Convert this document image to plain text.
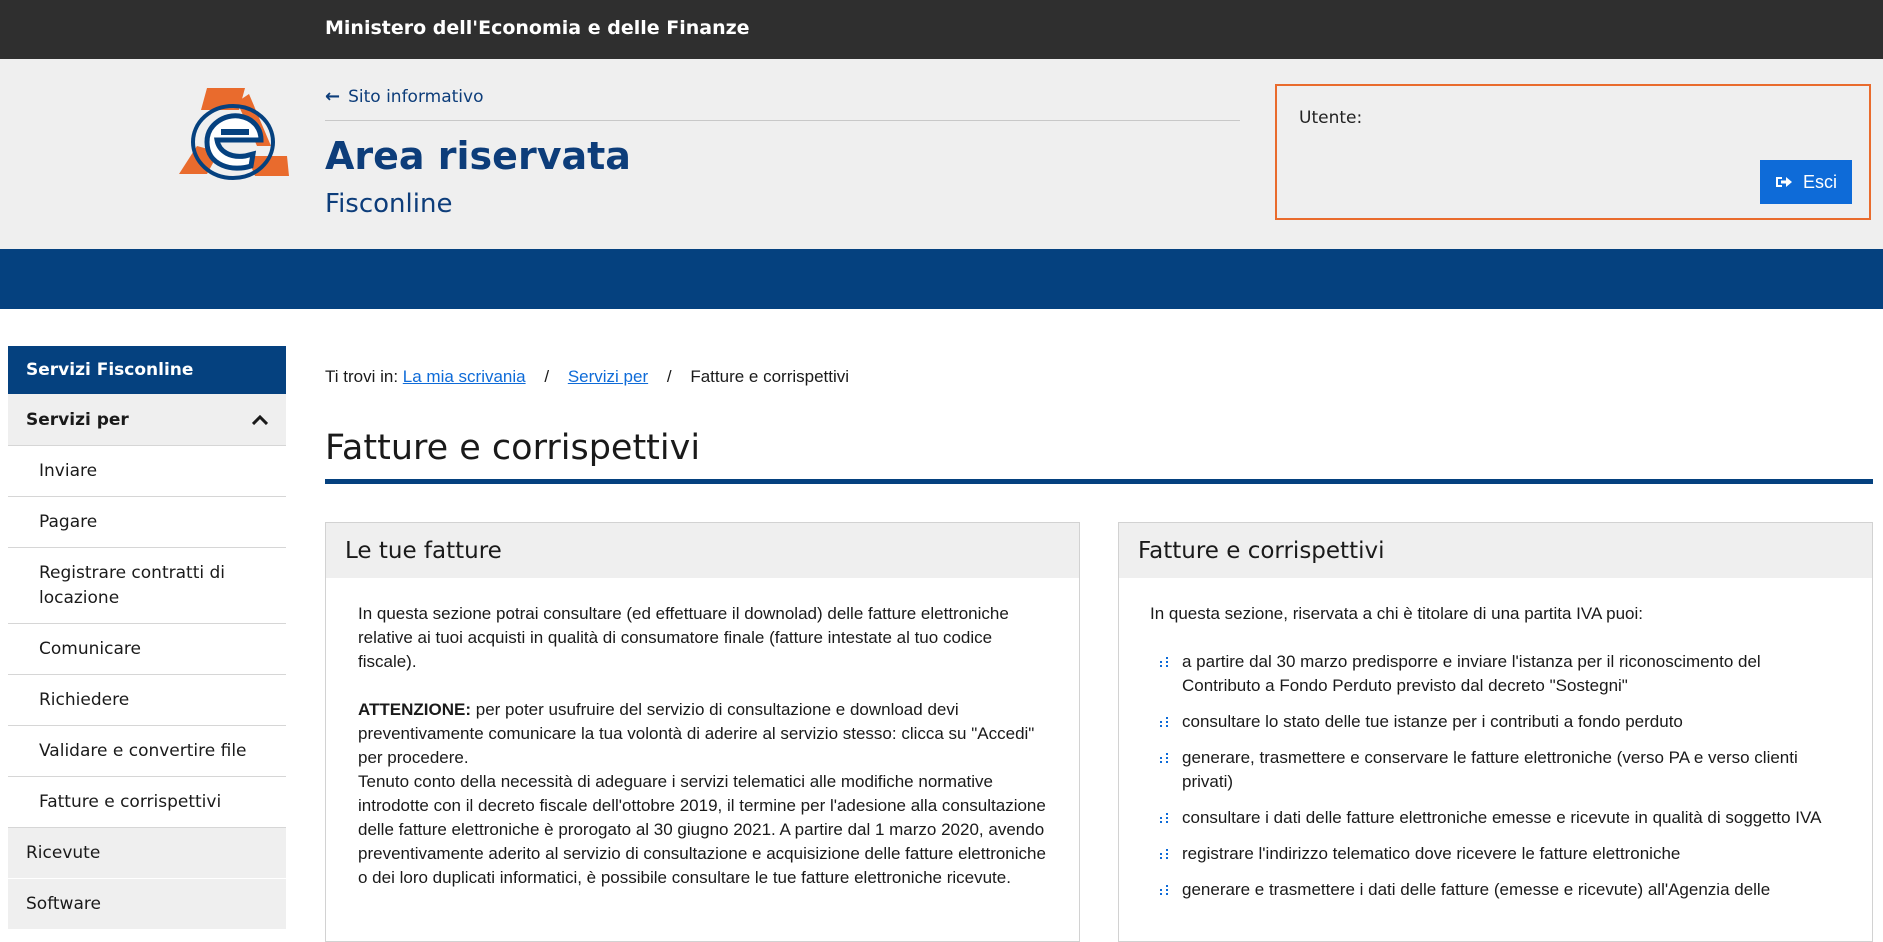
Ministero dell'Economia e delle Finanze
← Sito informativo
Area riservata
Fisconline
Utente:
Esci
Servizi Fisconline
Servizi per
Inviare
Pagare
Registrare contratti di locazione
Comunicare
Richiedere
Validare e convertire file
Fatture e corrispettivi
Ricevute
Software
Ti trovi in: La mia scrivania / Servizi per / Fatture e corrispettivi
Fatture e corrispettivi
Le tue fatture

In questa sezione potrai consultare (ed effettuare il downolad) delle fatture elettroniche relative ai tuoi acquisti in qualità di consumatore finale (fatture intestate al tuo codice fiscale).

ATTENZIONE: per poter usufruire del servizio di consultazione e download devi preventivamente comunicare la tua volontà di aderire al servizio stesso: clicca su "Accedi" per procedere.

Tenuto conto della necessità di adeguare i servizi telematici alle modifiche normative introdotte con il decreto fiscale dell'ottobre 2019, il termine per l'adesione alla consultazione delle fatture elettroniche è prorogato al 30 giugno 2021. A partire dal 1 marzo 2020, avendo preventivamente aderito al servizio di consultazione e acquisizione delle fatture elettroniche o dei loro duplicati informatici, è possibile consultare le tue fatture elettroniche ricevute.

Fatture e corrispettivi

In questa sezione, riservata a chi è titolare di una partita IVA puoi:

a partire dal 30 marzo predisporre e inviare l'istanza per il riconoscimento del Contributo a Fondo Perduto previsto dal decreto "Sostegni"
consultare lo stato delle tue istanze per i contributi a fondo perduto
generare, trasmettere e conservare le fatture elettroniche (verso PA e verso clienti privati)
consultare i dati delle fatture elettroniche emesse e ricevute in qualità di soggetto IVA
registrare l'indirizzo telematico dove ricevere le fatture elettroniche
generare e trasmettere i dati delle fatture (emesse e ricevute) all'Agenzia delle
